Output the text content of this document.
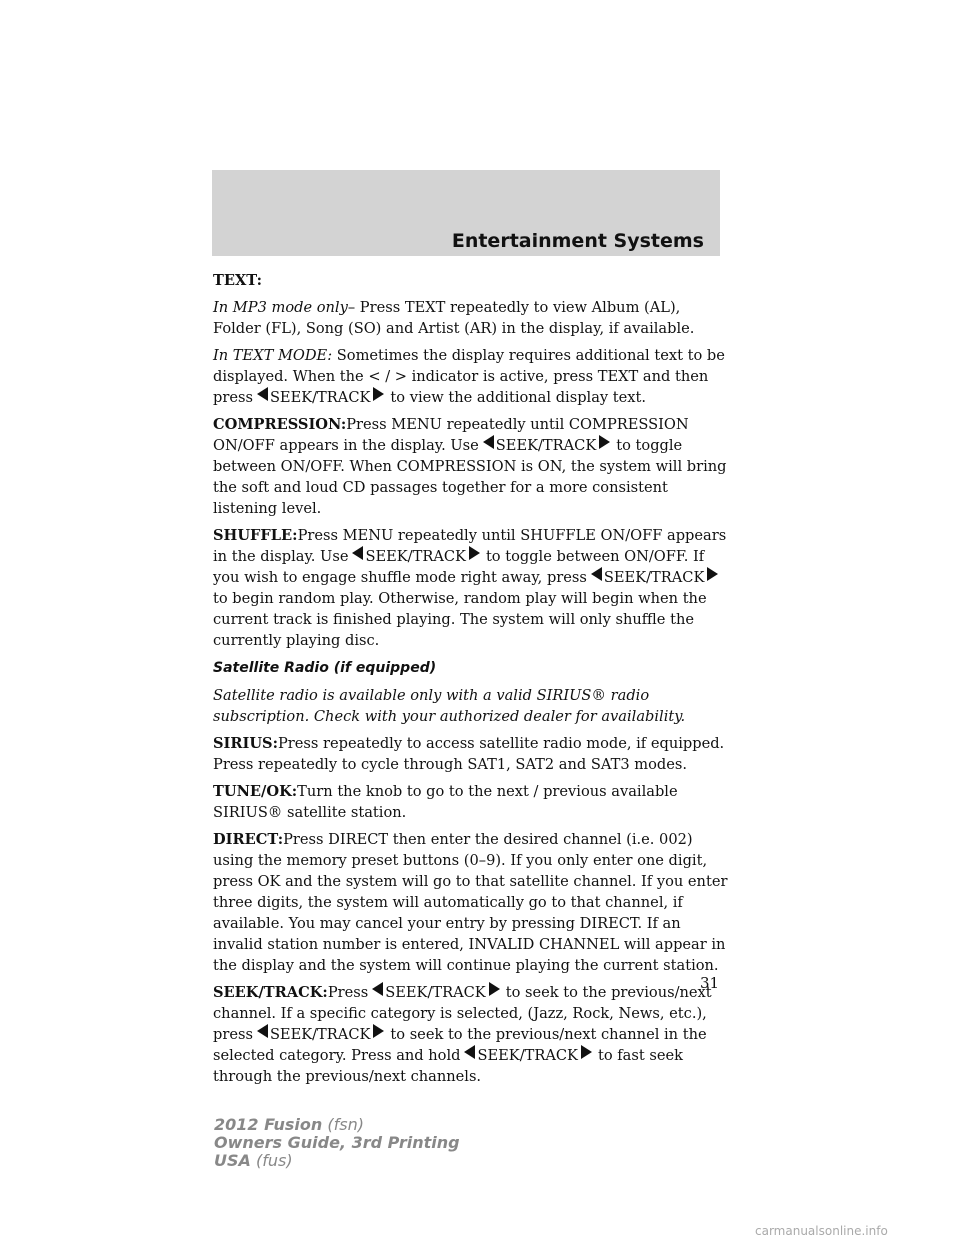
Entertainment Systems

TEXT:

In MP3 mode only– Press TEXT repeatedly to view Album (AL), Folder (FL), Song (SO) and Artist (AR) in the display, if available.

In TEXT MODE: Sometimes the display requires additional text to be displayed. When the < / > indicator is active, press TEXT and then press SEEK/TRACK to view the additional display text.

COMPRESSION:Press MENU repeatedly until COMPRESSION ON/OFF appears in the display. Use SEEK/TRACK to toggle between ON/OFF. When COMPRESSION is ON, the system will bring the soft and loud CD passages together for a more consistent listening level.

SHUFFLE:Press MENU repeatedly until SHUFFLE ON/OFF appears in the display. Use SEEK/TRACK to toggle between ON/OFF. If you wish to engage shuffle mode right away, press SEEK/TRACKto begin random play. Otherwise, random play will begin when the current track is finished playing. The system will only shuffle the currently playing disc.

Satellite Radio (if equipped)

Satellite radio is available only with a valid SIRIUS® radio subscription. Check with your authorized dealer for availability.

SIRIUS:Press repeatedly to access satellite radio mode, if equipped. Press repeatedly to cycle through SAT1, SAT2 and SAT3 modes.

TUNE/OK:Turn the knob to go to the next / previous available SIRIUS® satellite station.

DIRECT:Press DIRECT then enter the desired channel (i.e. 002) using the memory preset buttons (0–9). If you only enter one digit, press OK and the system will go to that satellite channel. If you enter three digits, the system will automatically go to that channel, if available. You may cancel your entry by pressing DIRECT. If an invalid station number is entered, INVALID CHANNEL will appear in the display and the system will continue playing the current station.

SEEK/TRACK:Press SEEK/TRACK to seek to the previous/next channel. If a specific category is selected, (Jazz, Rock, News, etc.), press SEEK/TRACK to seek to the previous/next channel in the selected category. Press and hold SEEK/TRACK to fast seek through the previous/next channels.

31
2012 Fusion (fsn)
Owners Guide, 3rd Printing
USA (fus)
carmanualsonline.info
